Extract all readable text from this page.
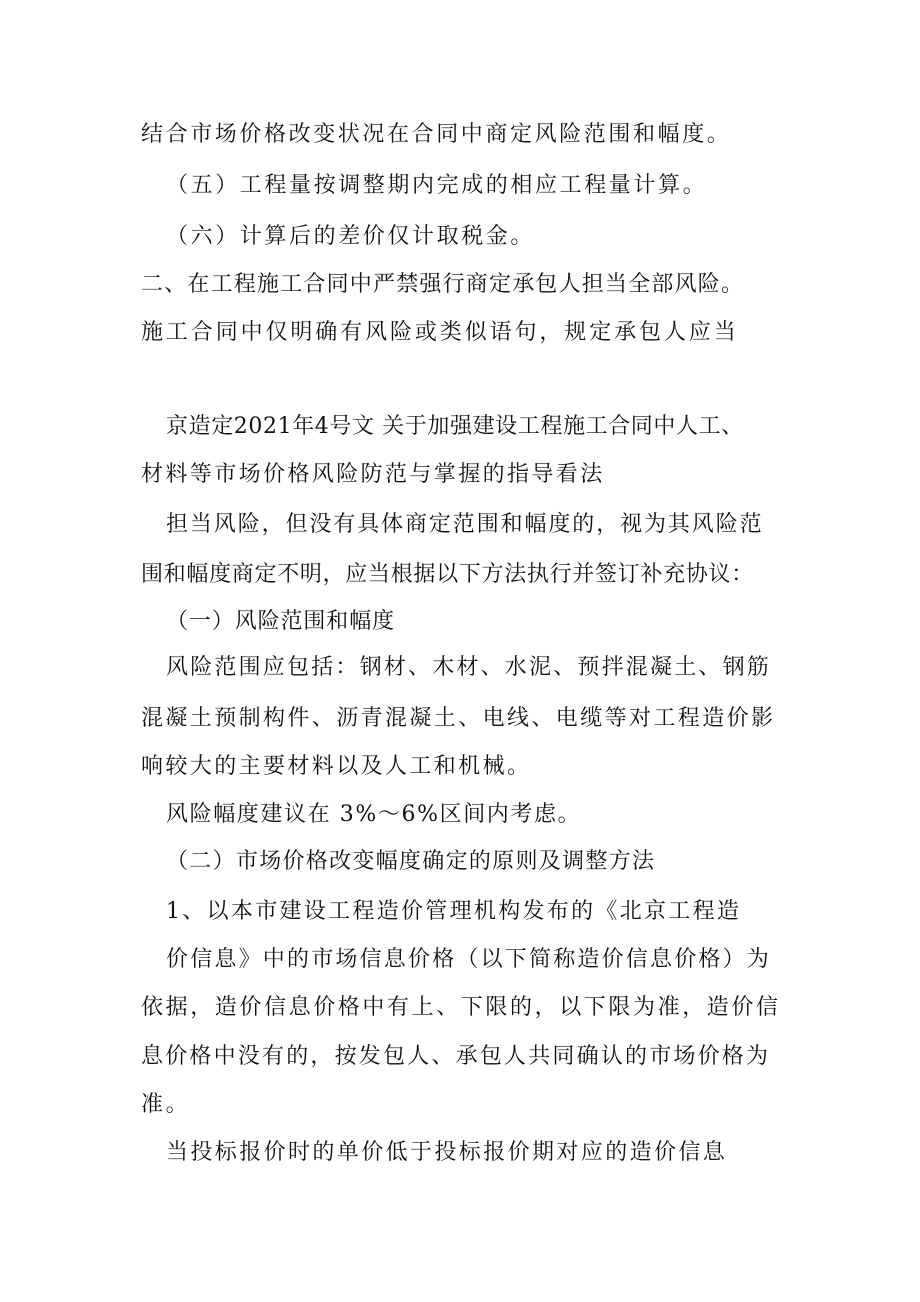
结合市场价格改变状况在合同中商定风险范围和幅度。
（五）工程量按调整期内完成的相应工程量计算。
（六）计算后的差价仅计取税金。
二、在工程施工合同中严禁强行商定承包人担当全部风险。
施工合同中仅明确有风险或类似语句，规定承包人应当
京造定2021年4号文 关于加强建设工程施工合同中人工、
材料等市场价格风险防范与掌握的指导看法
担当风险，但没有具体商定范围和幅度的，视为其风险范
围和幅度商定不明，应当根据以下方法执行并签订补充协议：
（一）风险范围和幅度
风险范围应包括：钢材、木材、水泥、预拌混凝土、钢筋
混凝土预制构件、沥青混凝土、电线、电缆等对工程造价影
响较大的主要材料以及人工和机械。
风险幅度建议在 3%～6%区间内考虑。
（二）市场价格改变幅度确定的原则及调整方法
1、以本市建设工程造价管理机构发布的《北京工程造
价信息》中的市场信息价格（以下简称造价信息价格）为
依据，造价信息价格中有上、下限的，以下限为准，造价信
息价格中没有的，按发包人、承包人共同确认的市场价格为
准。
当投标报价时的单价低于投标报价期对应的造价信息
